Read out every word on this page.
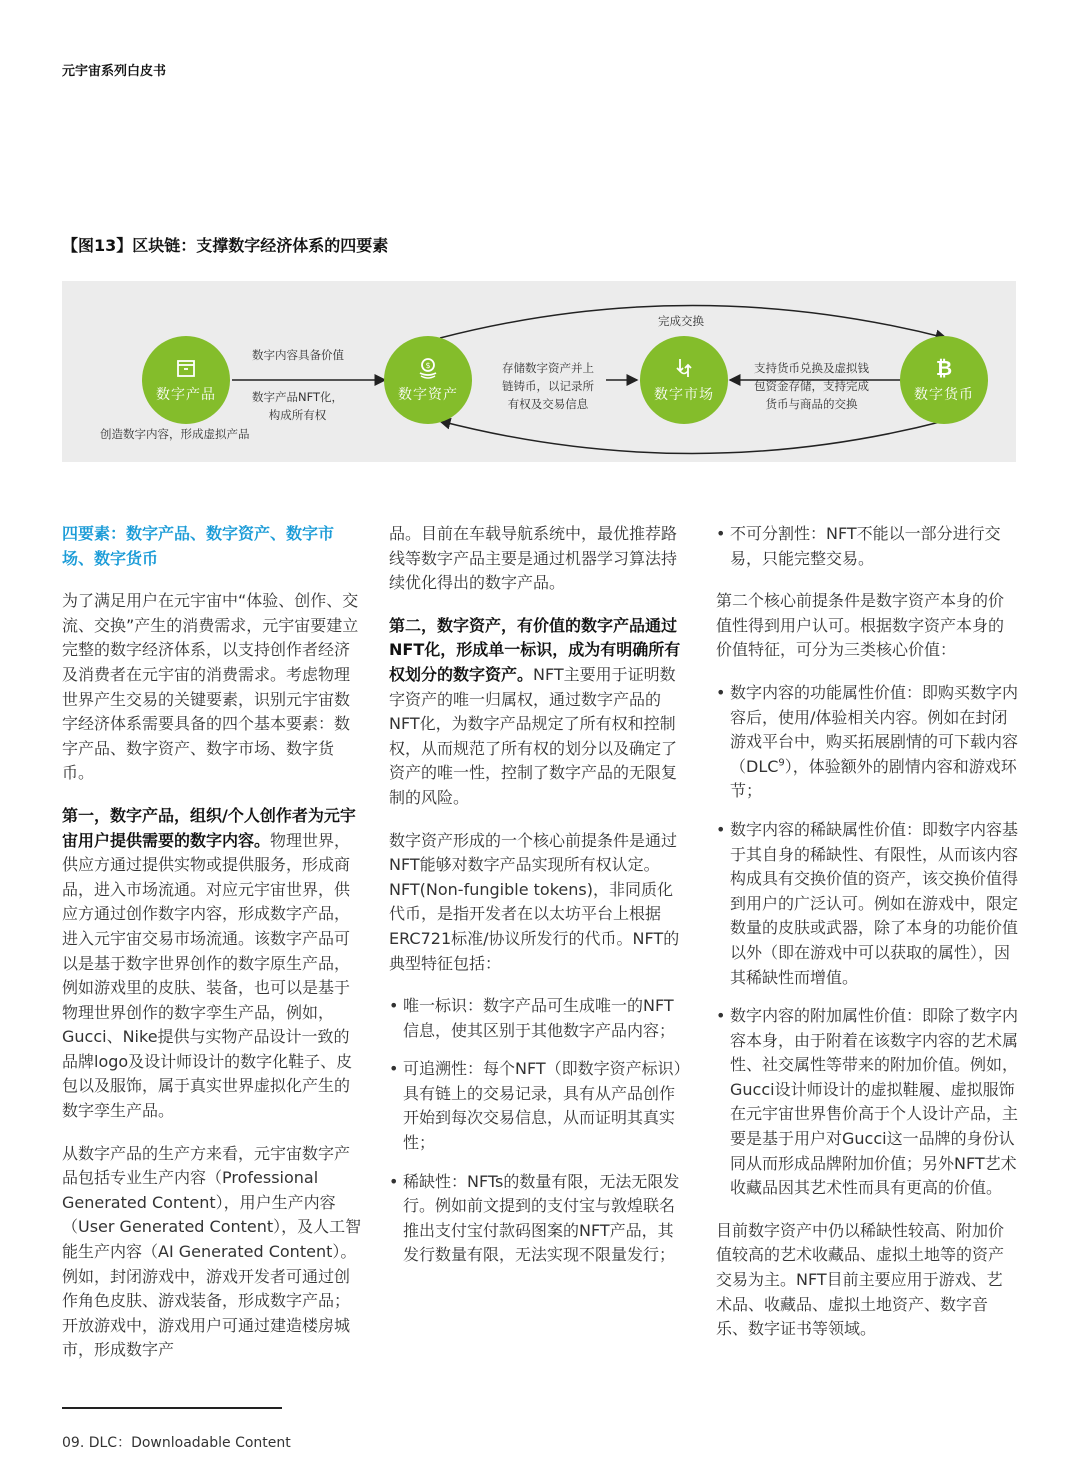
元宇宙系列白皮书
【图13】区块链：支撑数字经济体系的四要素
数字产品
$
数字资产	数字市场
₿
数字货币
完成交换
数字内容具备价值
数字产品NFT化，
构成所有权
存储数字资产并上
链铸币，以记录所
有权及交易信息
支持货币兑换及虚拟钱
包资金存储，支持完成
货币与商品的交换
创造数字内容，形成虚拟产品

四要素：数字产品、数字资产、数字市场、数字货币

为了满足用户在元宇宙中“体验、创作、交流、交换”产生的消费需求，元宇宙要建立完整的数字经济体系，以支持创作者经济及消费者在元宇宙的消费需求。考虑物理世界产生交易的关键要素，识别元宇宙数字经济体系需要具备的四个基本要素：数字产品、数字资产、数字市场、数字货币。

第一，数字产品，组织/个人创作者为元宇宙用户提供需要的数字内容。物理世界，供应方通过提供实物或提供服务，形成商品，进入市场流通。对应元宇宙世界，供应方通过创作数字内容，形成数字产品，进入元宇宙交易市场流通。该数字产品可以是基于数字世界创作的数字原生产品，例如游戏里的皮肤、装备，也可以是基于物理世界创作的数字孪生产品，例如，Gucci、Nike提供与实物产品设计一致的品牌logo及设计师设计的数字化鞋子、皮包以及服饰，属于真实世界虚拟化产生的数字孪生产品。

从数字产品的生产方来看，元宇宙数字产品包括专业生产内容（Professional Generated Content），用户生产内容（User Generated Content），及人工智能生产内容（AI Generated Content）。例如，封闭游戏中，游戏开发者可通过创作角色皮肤、游戏装备，形成数字产品；开放游戏中，游戏用户可通过建造楼房城市，形成数字产

品。目前在车载导航系统中，最优推荐路线等数字产品主要是通过机器学习算法持续优化得出的数字产品。

第二，数字资产，有价值的数字产品通过NFT化，形成单一标识，成为有明确所有权划分的数字资产。NFT主要用于证明数字资产的唯一归属权，通过数字产品的NFT化，为数字产品规定了所有权和控制权，从而规范了所有权的划分以及确定了资产的唯一性，控制了数字产品的无限复制的风险。

数字资产形成的一个核心前提条件是通过NFT能够对数字产品实现所有权认定。NFT(Non-fungible tokens)，非同质化代币，是指开发者在以太坊平台上根据ERC721标准/协议所发行的代币。NFT的典型特征包括：

• 唯一标识：数字产品可生成唯一的NFT信息，使其区别于其他数字产品内容；
• 可追溯性：每个NFT（即数字资产标识）具有链上的交易记录，具有从产品创作开始到每次交易信息，从而证明其真实性；
• 稀缺性：NFTs的数量有限，无法无限发行。例如前文提到的支付宝与敦煌联名推出支付宝付款码图案的NFT产品，其发行数量有限，无法实现不限量发行；
• 不可分割性：NFT不能以一部分进行交易，只能完整交易。

第二个核心前提条件是数字资产本身的价值性得到用户认可。根据数字资产本身的价值特征，可分为三类核心价值：

• 数字内容的功能属性价值：即购买数字内容后，使用/体验相关内容。例如在封闭游戏平台中，购买拓展剧情的可下载内容（DLC$^9$），体验额外的剧情内容和游戏环节；
• 数字内容的稀缺属性价值：即数字内容基于其自身的稀缺性、有限性，从而该内容构成具有交换价值的资产，该交换价值得到用户的广泛认可。例如在游戏中，限定数量的皮肤或武器，除了本身的功能价值以外（即在游戏中可以获取的属性），因其稀缺性而增值。
• 数字内容的附加属性价值：即除了数字内容本身，由于附着在该数字内容的艺术属性、社交属性等带来的附加价值。例如，Gucci设计师设计的虚拟鞋履、虚拟服饰在元宇宙世界售价高于个人设计产品，主要是基于用户对Gucci这一品牌的身份认同从而形成品牌附加价值；另外NFT艺术收藏品因其艺术性而具有更高的价值。

目前数字资产中仍以稀缺性较高、附加价值较高的艺术收藏品、虚拟土地等的资产交易为主。NFT目前主要应用于游戏、艺术品、收藏品、虚拟土地资产、数字音乐、数字证书等领域。

09. DLC：Downloadable Content
